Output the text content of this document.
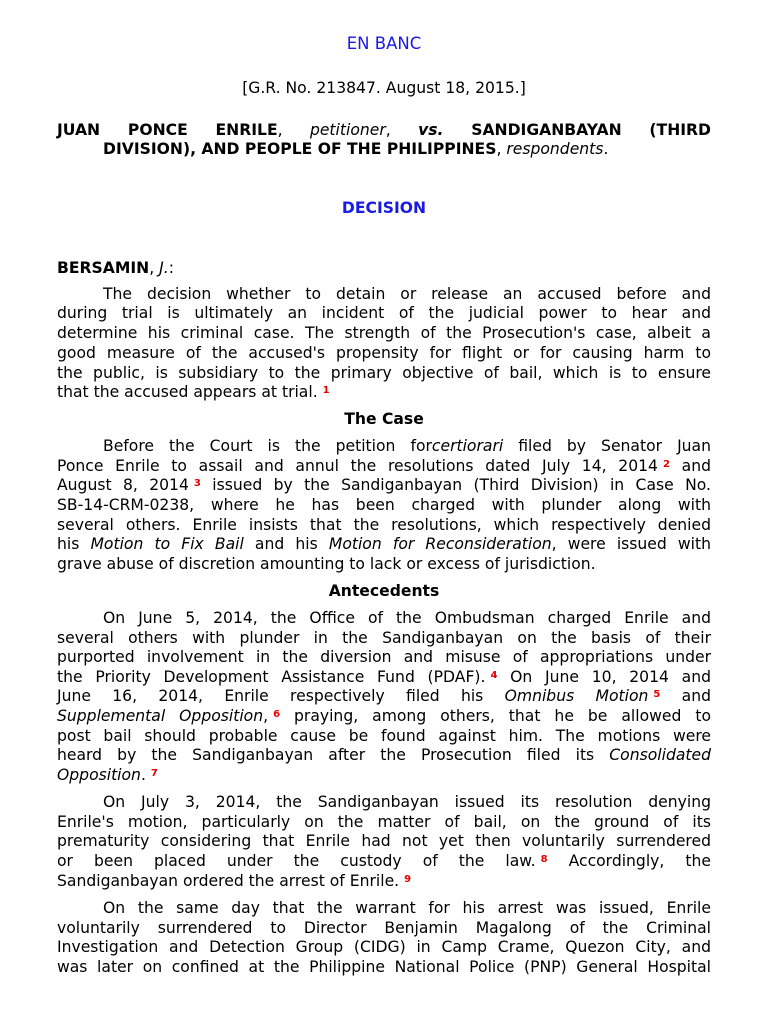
EN BANC
[G.R. No. 213847. August 18, 2015.]
JUAN PONCE ENRILE, petitioner, vs. SANDIGANBAYAN (THIRD
DIVISION), AND PEOPLE OF THE PHILIPPINES, respondents.
DECISION
BERSAMIN, J.:
The decision whether to detain or release an accused before and
during trial is ultimately an incident of the judicial power to hear and
determine his criminal case. The strength of the Prosecution's case, albeit a
good measure of the accused's propensity for flight or for causing harm to
the public, is subsidiary to the primary objective of bail, which is to ensure
that the accused appears at trial. $^1$
The Case
Before the Court is the petition forcertiorari filed by Senator Juan
Ponce Enrile to assail and annul the resolutions dated July 14, 2014 $^2$ and
August 8, 2014 $^3$ issued by the Sandiganbayan (Third Division) in Case No.
SB-14-CRM-0238, where he has been charged with plunder along with
several others. Enrile insists that the resolutions, which respectively denied
his Motion to Fix Bail and his Motion for Reconsideration, were issued with
grave abuse of discretion amounting to lack or excess of jurisdiction.
Antecedents
On June 5, 2014, the Office of the Ombudsman charged Enrile and
several others with plunder in the Sandiganbayan on the basis of their
purported involvement in the diversion and misuse of appropriations under
the Priority Development Assistance Fund (PDAF). $^4$ On June 10, 2014 and
June 16, 2014, Enrile respectively filed his Omnibus Motion $^5$ and
Supplemental Opposition, $^6$ praying, among others, that he be allowed to
post bail should probable cause be found against him. The motions were
heard by the Sandiganbayan after the Prosecution filed its Consolidated
Opposition. $^7$
On July 3, 2014, the Sandiganbayan issued its resolution denying
Enrile's motion, particularly on the matter of bail, on the ground of its
prematurity considering that Enrile had not yet then voluntarily surrendered
or been placed under the custody of the law. $^8$ Accordingly, the
Sandiganbayan ordered the arrest of Enrile. $^9$
On the same day that the warrant for his arrest was issued, Enrile
voluntarily surrendered to Director Benjamin Magalong of the Criminal
Investigation and Detection Group (CIDG) in Camp Crame, Quezon City, and
was later on confined at the Philippine National Police (PNP) General Hospital
